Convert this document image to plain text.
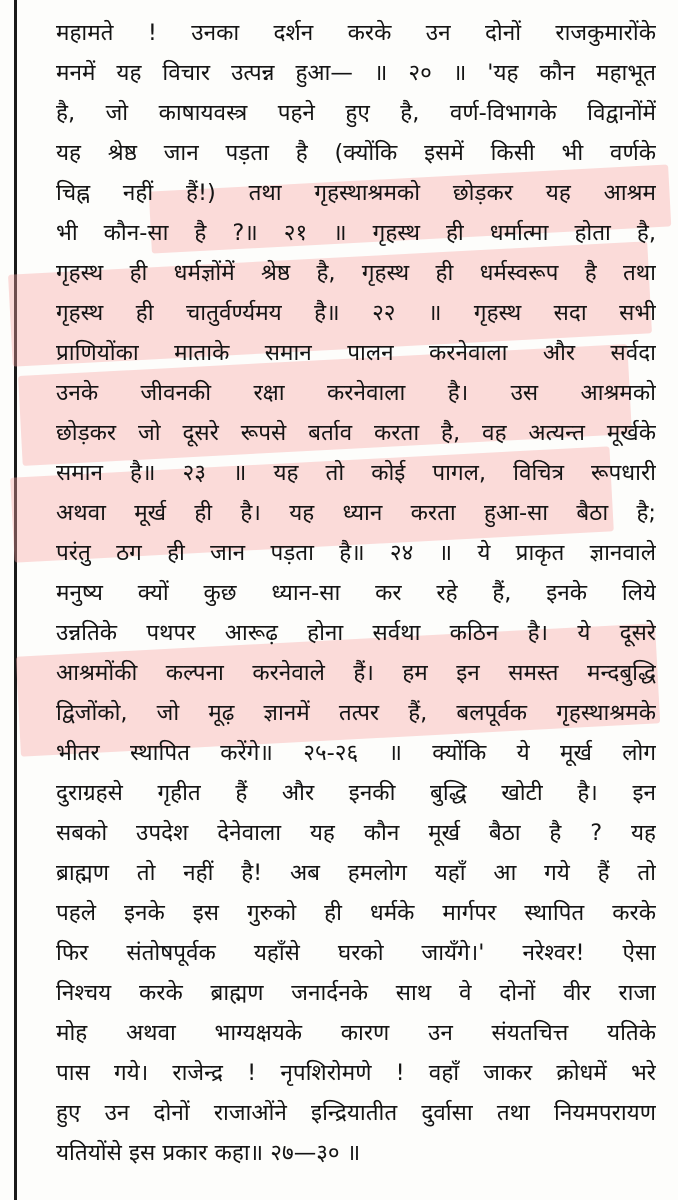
महामते ! उनका दर्शन करके उन दोनों राजकुमारोंके
मनमें यह विचार उत्पन्न हुआ— ॥ २० ॥ 'यह कौन महाभूत
है, जो काषायवस्त्र पहने हुए है, वर्ण-विभागके विद्वानोंमें
यह श्रेष्ठ जान पड़ता है (क्योंकि इसमें किसी भी वर्णके
चिह्न नहीं हैं!) तथा गृहस्थाश्रमको छोड़कर यह आश्रम
भी कौन-सा है ?॥ २१ ॥ गृहस्थ ही धर्मात्मा होता है,
गृहस्थ ही धर्मज्ञोंमें श्रेष्ठ है, गृहस्थ ही धर्मस्वरूप है तथा
गृहस्थ ही चातुर्वर्ण्यमय है॥ २२ ॥ गृहस्थ सदा सभी
प्राणियोंका माताके समान पालन करनेवाला और सर्वदा
उनके जीवनकी रक्षा करनेवाला है। उस आश्रमको
छोड़कर जो दूसरे रूपसे बर्ताव करता है, वह अत्यन्त मूर्खके
समान है॥ २३ ॥ यह तो कोई पागल, विचित्र रूपधारी
अथवा मूर्ख ही है। यह ध्यान करता हुआ-सा बैठा है;
परंतु ठग ही जान पड़ता है॥ २४ ॥ ये प्राकृत ज्ञानवाले
मनुष्य क्यों कुछ ध्यान-सा कर रहे हैं, इनके लिये
उन्नतिके पथपर आरूढ़ होना सर्वथा कठिन है। ये दूसरे
आश्रमोंकी कल्पना करनेवाले हैं। हम इन समस्त मन्दबुद्धि
द्विजोंको, जो मूढ़ ज्ञानमें तत्पर हैं, बलपूर्वक गृहस्थाश्रमके
भीतर स्थापित करेंगे॥ २५-२६ ॥ क्योंकि ये मूर्ख लोग
दुराग्रहसे गृहीत हैं और इनकी बुद्धि खोटी है। इन
सबको उपदेश देनेवाला यह कौन मूर्ख बैठा है ? यह
ब्राह्मण तो नहीं है! अब हमलोग यहाँ आ गये हैं तो
पहले इनके इस गुरुको ही धर्मके मार्गपर स्थापित करके
फिर संतोषपूर्वक यहाँसे घरको जायँगे।' नरेश्वर! ऐसा
निश्चय करके ब्राह्मण जनार्दनके साथ वे दोनों वीर राजा
मोह अथवा भाग्यक्षयके कारण उन संयतचित्त यतिके
पास गये। राजेन्द्र ! नृपशिरोमणे ! वहाँ जाकर क्रोधमें भरे
हुए उन दोनों राजाओंने इन्द्रियातीत दुर्वासा तथा नियमपरायण
यतियोंसे इस प्रकार कहा॥ २७—३० ॥
